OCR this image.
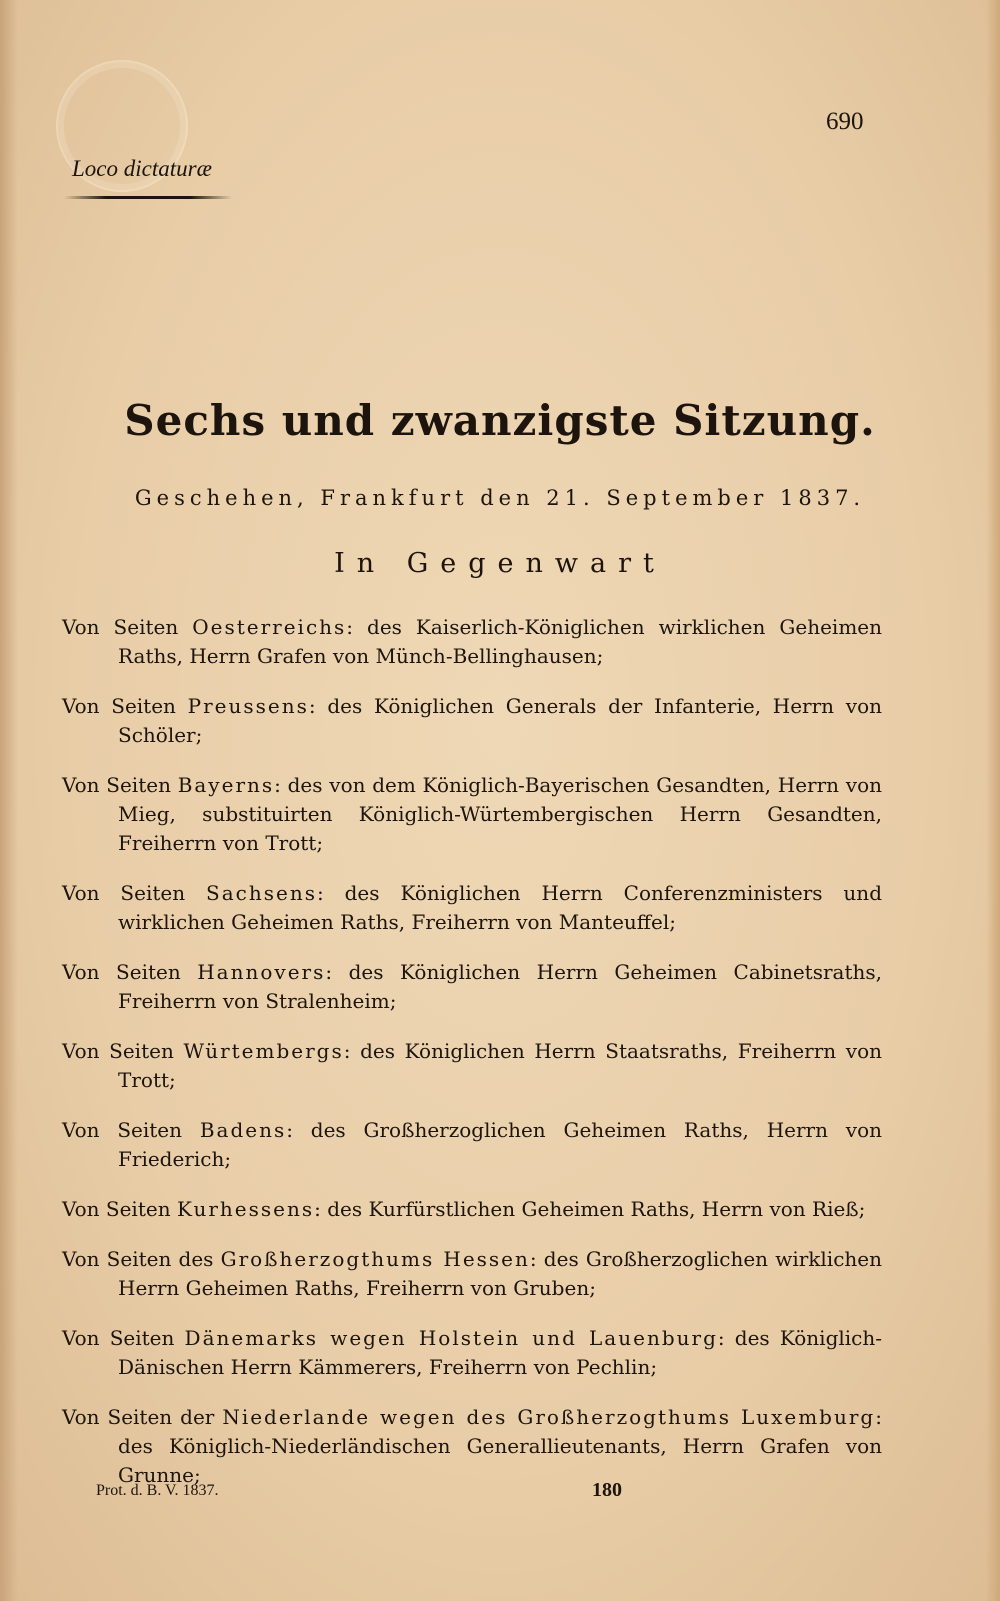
690
Loco dictaturæ
Sechs und zwanzigste Sitzung.
Geschehen, Frankfurt den 21. September 1837.
In Gegenwart
Von Seiten Oesterreichs: des Kaiserlich-Königlichen wirklichen Geheimen Raths, Herrn Grafen von Münch-Bellinghausen;
Von Seiten Preussens: des Königlichen Generals der Infanterie, Herrn von Schöler;
Von Seiten Bayerns: des von dem Königlich-Bayerischen Gesandten, Herrn von Mieg, substituirten Königlich-Würtembergischen Herrn Gesandten, Freiherrn von Trott;
Von Seiten Sachsens: des Königlichen Herrn Conferenzministers und wirklichen Geheimen Raths, Freiherrn von Manteuffel;
Von Seiten Hannovers: des Königlichen Herrn Geheimen Cabinetsraths, Freiherrn von Stralenheim;
Von Seiten Würtembergs: des Königlichen Herrn Staatsraths, Freiherrn von Trott;
Von Seiten Badens: des Großherzoglichen Geheimen Raths, Herrn von Friederich;
Von Seiten Kurhessens: des Kurfürstlichen Geheimen Raths, Herrn von Rieß;
Von Seiten des Großherzogthums Hessen: des Großherzoglichen wirklichen Herrn Geheimen Raths, Freiherrn von Gruben;
Von Seiten Dänemarks wegen Holstein und Lauenburg: des Königlich-Dänischen Herrn Kämmerers, Freiherrn von Pechlin;
Von Seiten der Niederlande wegen des Großherzogthums Luxemburg: des Königlich-Niederländischen Generallieutenants, Herrn Grafen von Grunne;
Prot. d. B. V. 1837.	180
